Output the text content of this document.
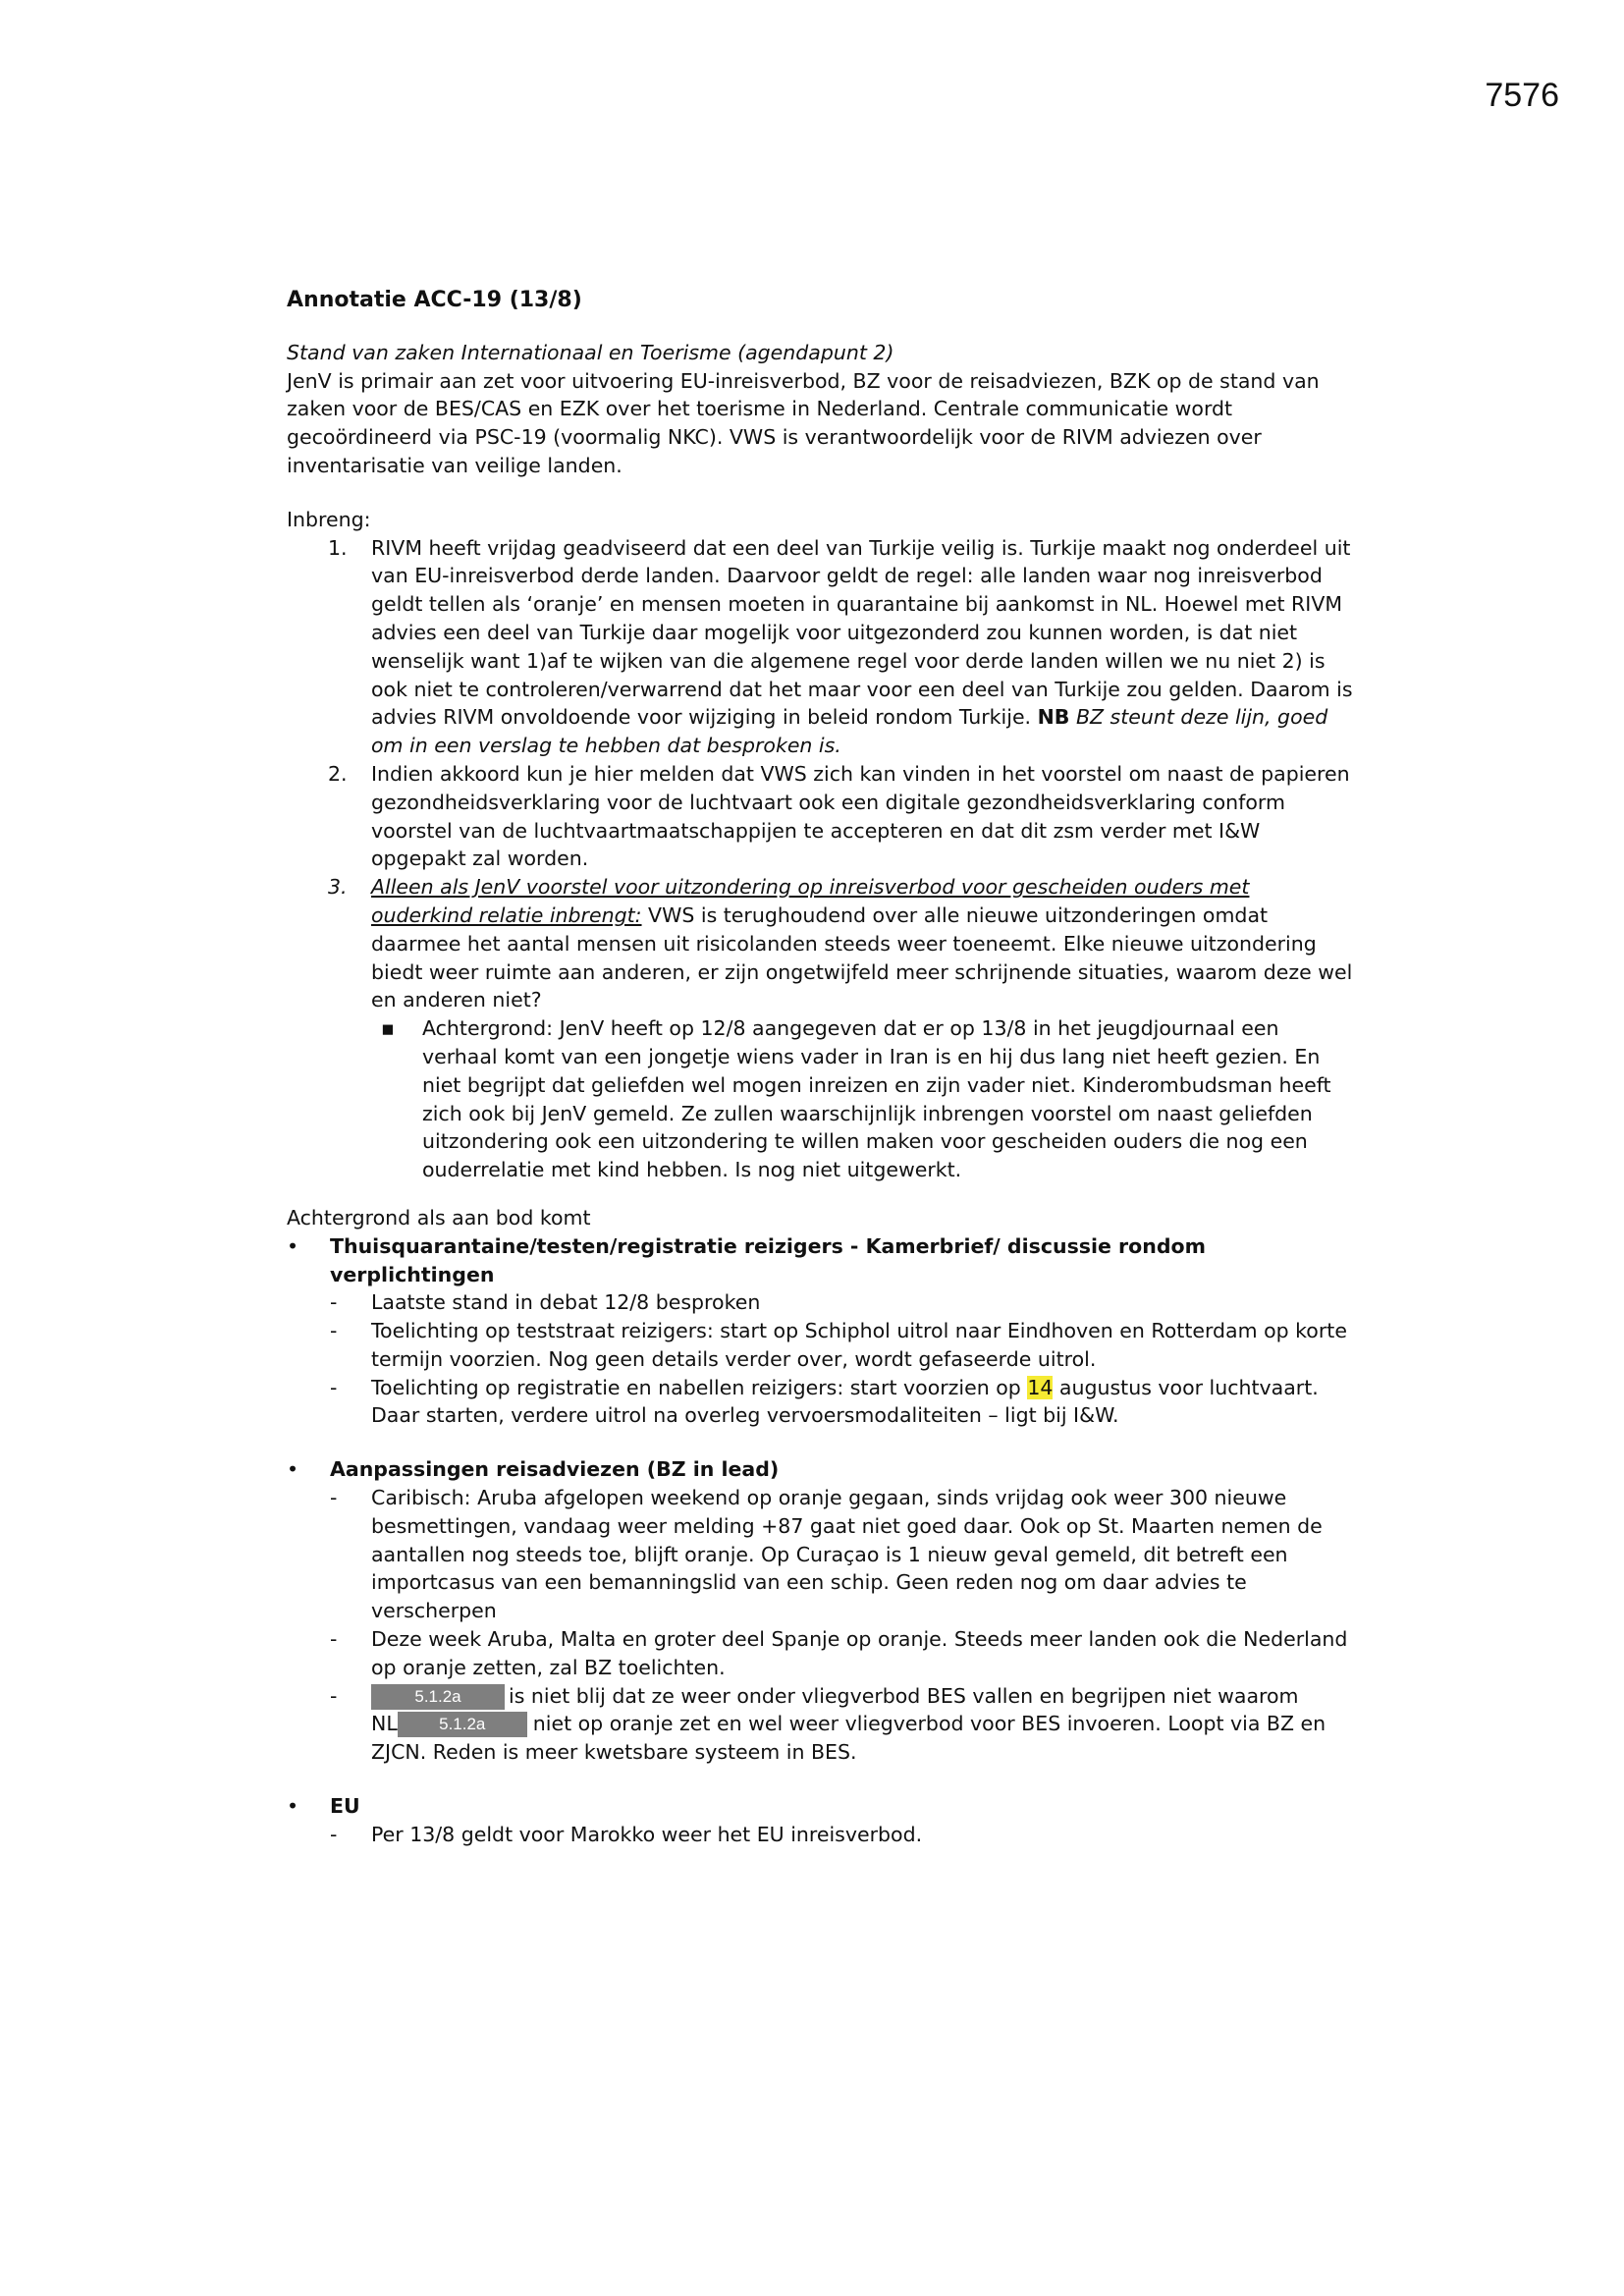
7576

Annotatie ACC-19 (13/8)

Stand van zaken Internationaal en Toerisme (agendapunt 2)

JenV is primair aan zet voor uitvoering EU-inreisverbod, BZ voor de reisadviezen, BZK op de stand van zaken voor de BES/CAS en EZK over het toerisme in Nederland. Centrale communicatie wordt gecoördineerd via PSC-19 (voormalig NKC). VWS is verantwoordelijk voor de RIVM adviezen over inventarisatie van veilige landen.

Inbreng:

1. RIVM heeft vrijdag geadviseerd dat een deel van Turkije veilig is. Turkije maakt nog onderdeel uit van EU-inreisverbod derde landen. Daarvoor geldt de regel: alle landen waar nog inreisverbod geldt tellen als ‘oranje’ en mensen moeten in quarantaine bij aankomst in NL. Hoewel met RIVM advies een deel van Turkije daar mogelijk voor uitgezonderd zou kunnen worden, is dat niet wenselijk want 1)af te wijken van die algemene regel voor derde landen willen we nu niet 2) is ook niet te controleren/verwarrend dat het maar voor een deel van Turkije zou gelden. Daarom is advies RIVM onvoldoende voor wijziging in beleid rondom Turkije. NB BZ steunt deze lijn, goed om in een verslag te hebben dat besproken is.
2. Indien akkoord kun je hier melden dat VWS zich kan vinden in het voorstel om naast de papieren gezondheidsverklaring voor de luchtvaart ook een digitale gezondheidsverklaring conform voorstel van de luchtvaartmaatschappijen te accepteren en dat dit zsm verder met I&W opgepakt zal worden.
3. Alleen als JenV voorstel voor uitzondering op inreisverbod voor gescheiden ouders met ouderkind relatie inbrengt: VWS is terughoudend over alle nieuwe uitzonderingen omdat daarmee het aantal mensen uit risicolanden steeds weer toeneemt. Elke nieuwe uitzondering biedt weer ruimte aan anderen, er zijn ongetwijfeld meer schrijnende situaties, waarom deze wel en anderen niet?
▪ Achtergrond: JenV heeft op 12/8 aangegeven dat er op 13/8 in het jeugdjournaal een verhaal komt van een jongetje wiens vader in Iran is en hij dus lang niet heeft gezien. En niet begrijpt dat geliefden wel mogen inreizen en zijn vader niet. Kinderombudsman heeft zich ook bij JenV gemeld. Ze zullen waarschijnlijk inbrengen voorstel om naast geliefden uitzondering ook een uitzondering te willen maken voor gescheiden ouders die nog een ouderrelatie met kind hebben. Is nog niet uitgewerkt.

Achtergrond als aan bod komt

• Thuisquarantaine/testen/registratie reizigers - Kamerbrief/ discussie rondom verplichtingen
- Laatste stand in debat 12/8 besproken
- Toelichting op teststraat reizigers: start op Schiphol uitrol naar Eindhoven en Rotterdam op korte termijn voorzien. Nog geen details verder over, wordt gefaseerde uitrol.
- Toelichting op registratie en nabellen reizigers: start voorzien op 14 augustus voor luchtvaart. Daar starten, verdere uitrol na overleg vervoersmodaliteiten – ligt bij I&W.
• Aanpassingen reisadviezen (BZ in lead)
- Caribisch: Aruba afgelopen weekend op oranje gegaan, sinds vrijdag ook weer 300 nieuwe besmettingen, vandaag weer melding +87 gaat niet goed daar. Ook op St. Maarten nemen de aantallen nog steeds toe, blijft oranje. Op Curaçao is 1 nieuw geval gemeld, dit betreft een importcasus van een bemanningslid van een schip. Geen reden nog om daar advies te verscherpen
- Deze week Aruba, Malta en groter deel Spanje op oranje. Steeds meer landen ook die Nederland op oranje zetten, zal BZ toelichten.
-	5.1.2a is niet blij dat ze weer onder vliegverbod BES vallen en begrijpen niet waarom
NL 5.1.2a niet op oranje zet en wel weer vliegverbod voor BES invoeren. Loopt via BZ en ZJCN. Reden is meer kwetsbare systeem in BES.
• EU
- Per 13/8 geldt voor Marokko weer het EU inreisverbod.
